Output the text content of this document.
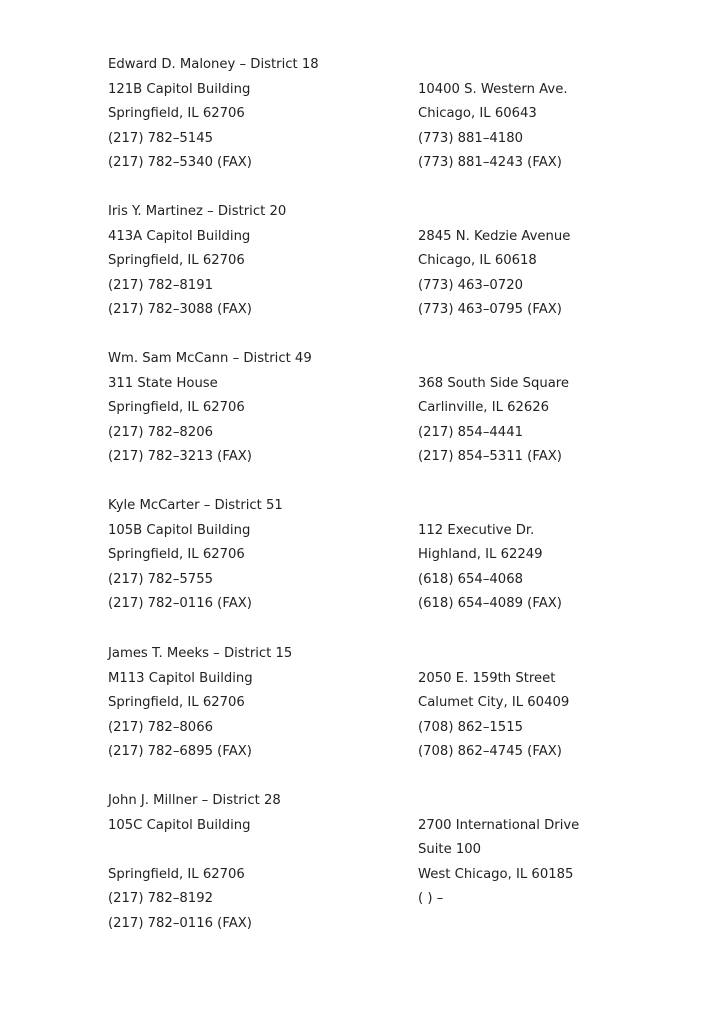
Edward D. Maloney – District 18
121B Capitol Building
Springfield, IL 62706
(217) 782–5145
(217) 782–5340 (FAX)
10400 S. Western Ave.
Chicago, IL 60643
(773) 881–4180
(773) 881–4243 (FAX)
Iris Y. Martinez – District 20
413A Capitol Building
Springfield, IL 62706
(217) 782–8191
(217) 782–3088 (FAX)
2845 N. Kedzie Avenue
Chicago, IL 60618
(773) 463–0720
(773) 463–0795 (FAX)
Wm. Sam McCann – District 49
311 State House
Springfield, IL 62706
(217) 782–8206
(217) 782–3213 (FAX)
368 South Side Square
Carlinville, IL 62626
(217) 854–4441
(217) 854–5311 (FAX)
Kyle McCarter – District 51
105B Capitol Building
Springfield, IL 62706
(217) 782–5755
(217) 782–0116 (FAX)
112 Executive Dr.
Highland, IL 62249
(618) 654–4068
(618) 654–4089 (FAX)
James T. Meeks – District 15
M113 Capitol Building
Springfield, IL 62706
(217) 782–8066
(217) 782–6895 (FAX)
2050 E. 159th Street
Calumet City, IL 60409
(708) 862–1515
(708) 862–4745 (FAX)
John J. Millner – District 28
105C Capitol Building
Springfield, IL 62706
(217) 782–8192
(217) 782–0116 (FAX)
2700 International Drive
Suite 100
West Chicago, IL 60185
( ) –
